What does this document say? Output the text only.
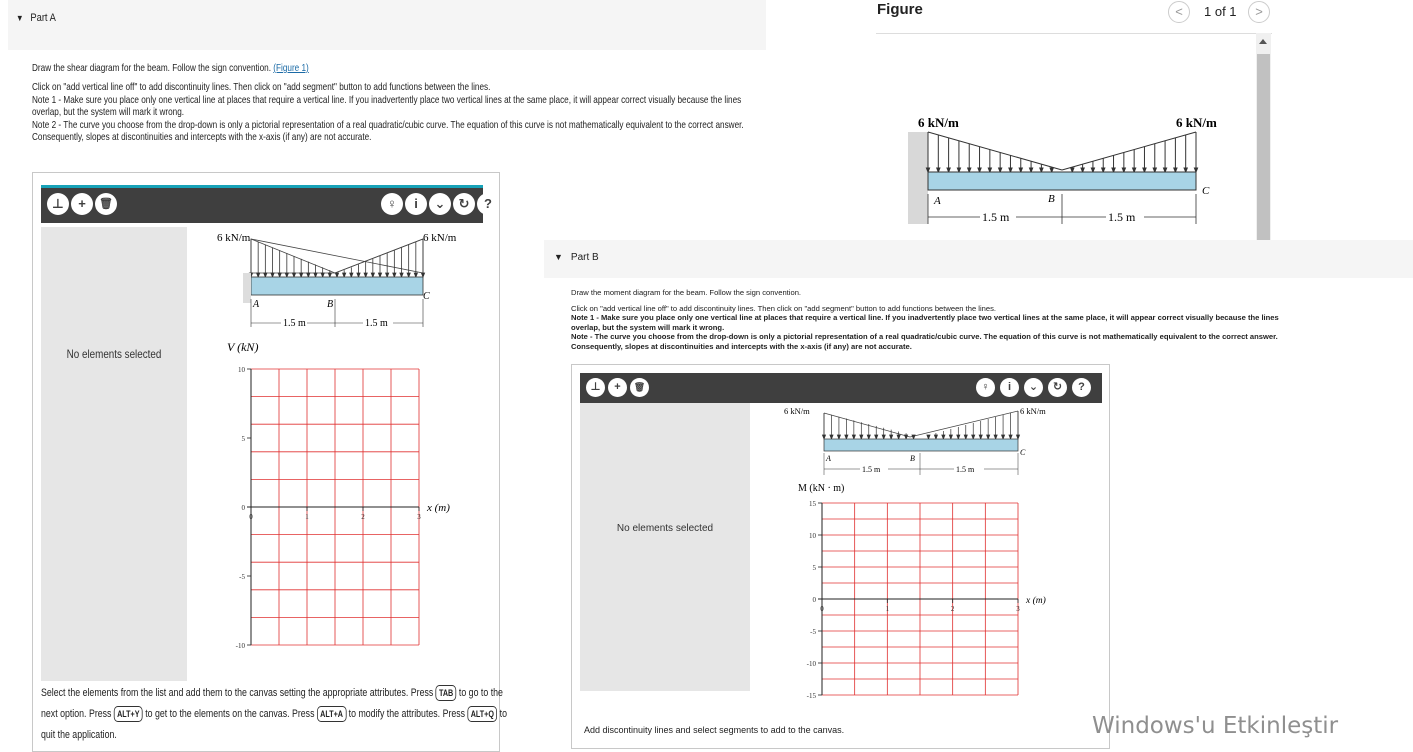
▼ Part A

Draw the shear diagram for the beam. Follow the sign convention. (Figure 1)

Click on "add vertical line off" to add discontinuity lines. Then click on "add segment" button to add functions between the lines.

Note 1 - Make sure you place only one vertical line at places that require a vertical line. If you inadvertently place two vertical lines at the same place, it will appear correct visually because the lines

overlap, but the system will mark it wrong.

Note 2 - The curve you choose from the drop-down is only a pictorial representation of a real quadratic/cubic curve. The equation of this curve is not mathematically equivalent to the correct answer.

Consequently, slopes at discontinuities and intercepts with the x-axis (if any) are not accurate.

⊥	+	🗑	♀	i	⌄	↻	?
No elements selected
6 kN/m	6 kN/m
A	B
C
1.5 m	1.5 m
V (kN)
x (m)
10
5
0
-5
-10
0	1	2	3
Select the elements from the list and add them to the canvas setting the appropriate attributes. Press TAB to go to the
next option. Press ALT+Y to get to the elements on the canvas. Press ALT+A to modify the attributes. Press ALT+Q to
quit the application.
Figure	<	1 of 1	>
6 kN/m	6 kN/m
A	B
C
1.5 m	1.5 m
▼ Part B

Draw the moment diagram for the beam. Follow the sign convention.

Click on "add vertical line off" to add discontinuity lines. Then click on "add segment" button to add functions between the lines.

Note 1 - Make sure you place only one vertical line at places that require a vertical line. If you inadvertently place two vertical lines at the same place, it will appear correct visually because the lines

overlap, but the system will mark it wrong.

Note - The curve you choose from the drop-down is only a pictorial representation of a real quadratic/cubic curve. The equation of this curve is not mathematically equivalent to the correct answer.

Consequently, slopes at discontinuities and intercepts with the x-axis (if any) are not accurate.

⊥	+	🗑	♀	i	⌄	↻	?
No elements selected
6 kN/m	6 kN/m
A	B
C
1.5 m	1.5 m
M (kN · m)
x (m)
15
10
5
0
-5
-10
-15
0	1	2	3
Add discontinuity lines and select segments to add to the canvas.	Windows'u Etkinleştir
